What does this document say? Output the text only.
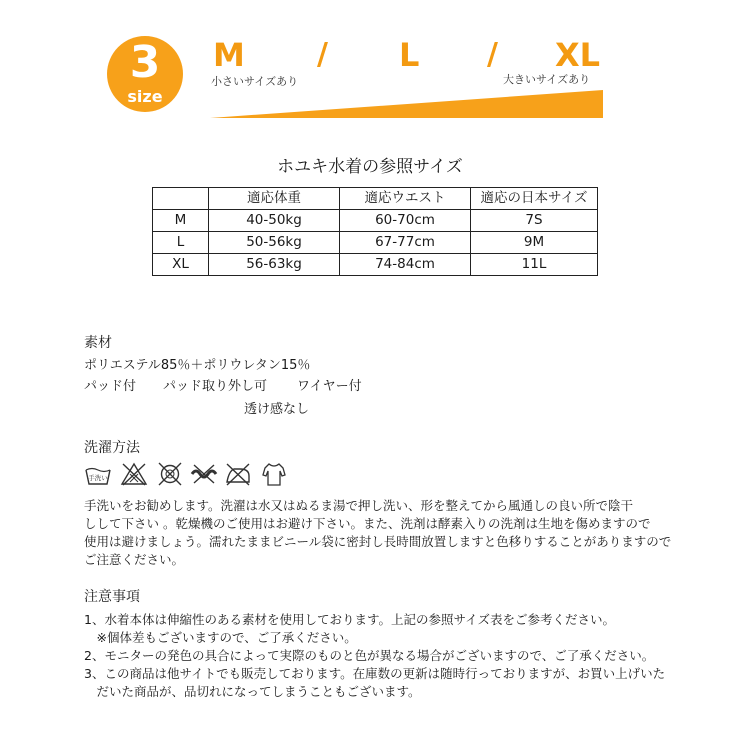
3
size
M / L / XL
小さいサイズあり	大きいサイズあり
ホユキ水着の参照サイズ
	適応体重	適応ウエスト	適応の日本サイズ
M	40-50kg	60-70cm	7S
L	50-56kg	67-77cm	9M
XL	56-63kg	74-84cm	11L
素材
ポリエステル85％＋ポリウレタン15％
パッド付 パッド取り外し可 ワイヤー付
透け感なし
洗濯方法
手洗い
手洗いをお勧めします。洗濯は水又はぬるま湯で押し洗い、形を整えてから風通しの良い所で陰干
しして下さい 。乾燥機のご使用はお避け下さい。また、洗剤は酵素入りの洗剤は生地を傷めますので
使用は避けましょう。濡れたままビニール袋に密封し長時間放置しますと色移りすることがありますので
ご注意ください。
注意事項
1、水着本体は伸縮性のある素材を使用しております。上記の参照サイズ表をご参考ください。
　※個体差もございますので、ご了承ください。
2、モニターの発色の具合によって実際のものと色が異なる場合がございますので、ご了承ください。
3、この商品は他サイトでも販売しております。在庫数の更新は随時行っておりますが、お買い上げいた
　だいた商品が、品切れになってしまうこともございます。
